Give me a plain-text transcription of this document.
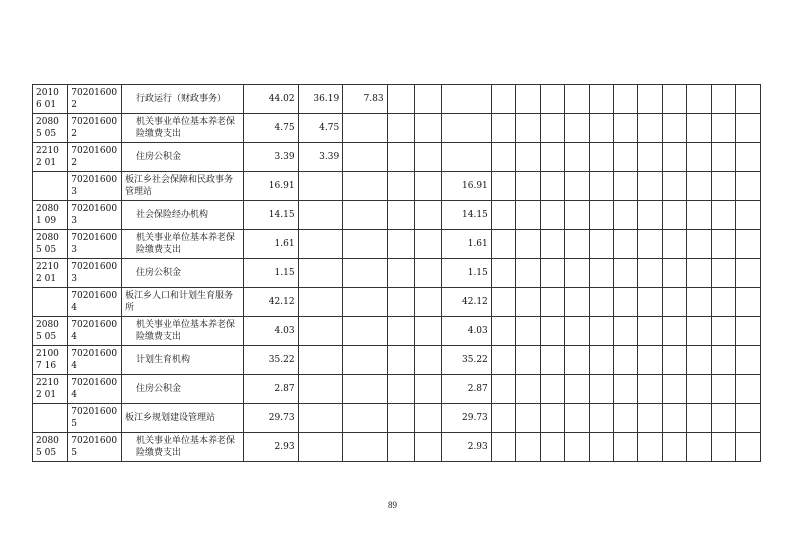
20106 01	70201600 2	行政运行（财政事务）	44.02	36.19	7.83														
20805 05	70201600 2	机关事业单位基本养老保险缴费支出	4.75	4.75															
22102 01	70201600 2	住房公积金	3.39	3.39															
	70201600 3	板江乡社会保障和民政事务管理站	16.91					16.91											
20801 09	70201600 3	社会保险经办机构	14.15					14.15											
20805 05	70201600 3	机关事业单位基本养老保险缴费支出	1.61					1.61											
22102 01	70201600 3	住房公积金	1.15					1.15											
	70201600 4	板江乡人口和计划生育服务所	42.12					42.12											
20805 05	70201600 4	机关事业单位基本养老保险缴费支出	4.03					4.03											
21007 16	70201600 4	计划生育机构	35.22					35.22											
22102 01	70201600 4	住房公积金	2.87					2.87											
	70201600 5	板江乡规划建设管理站	29.73					29.73											
20805 05	70201600 5	机关事业单位基本养老保险缴费支出	2.93					2.93											
89
